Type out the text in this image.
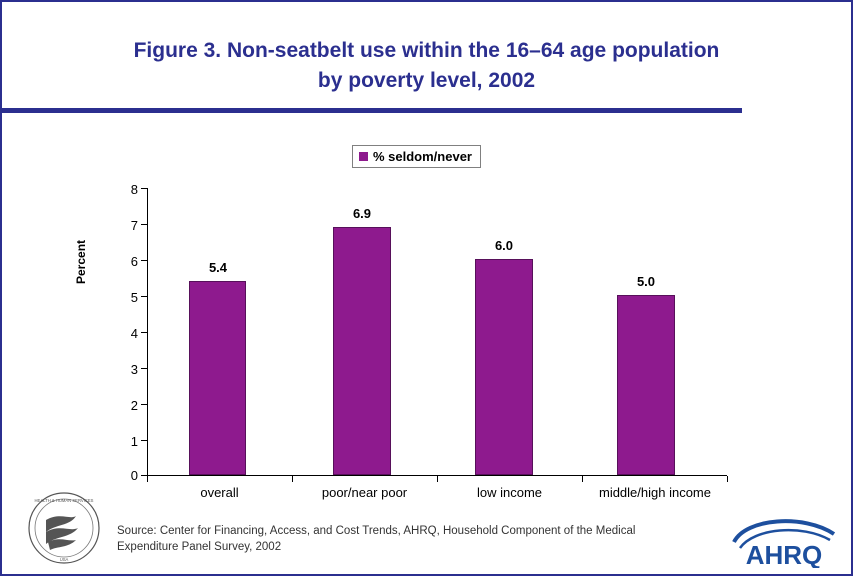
Figure 3. Non-seatbelt use within the 16–64 age population
by poverty level, 2002
% seldom/never
Percent
8
7
6
5
4
3
2
1
0
5.4
6.9
6.0
5.0
overall	poor/near poor	low income	middle/high income
Source: Center for Financing, Access, and Cost Trends, AHRQ, Household Component of the Medical
Expenditure Panel Survey, 2002
HEALTH & HUMAN SERVICES
USA	AHRQ
